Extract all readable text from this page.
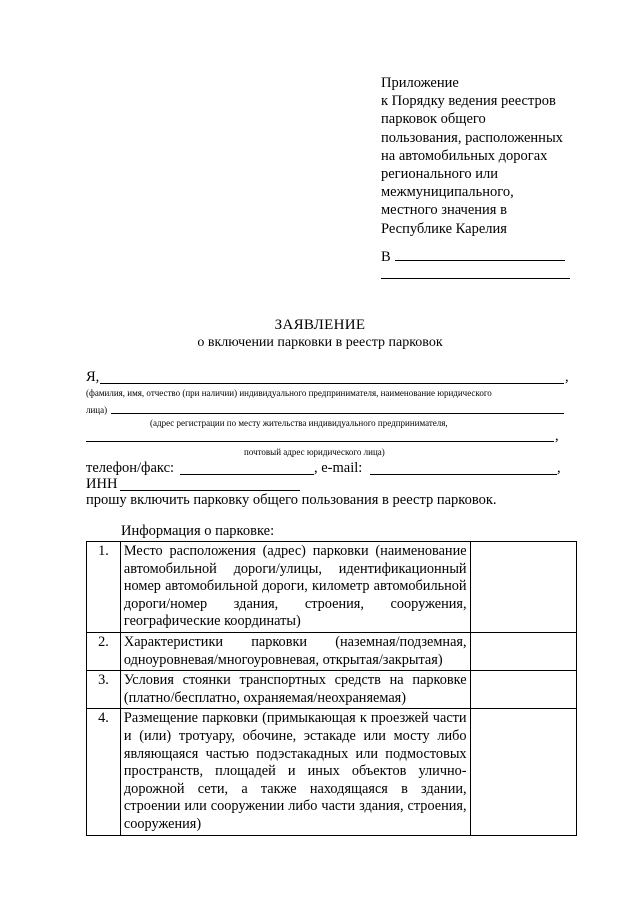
Приложение
к Порядку ведения реестров
парковок общего
пользования, расположенных
на автомобильных дорогах
регионального или
межмуниципального,
местного значения в
Республике Карелия
В
ЗАЯВЛЕНИЕ
о включении парковки в реестр парковок
Я,	,
(фамилия, имя, отчество (при наличии) индивидуального предпринимателя, наименование юридического
лица)
(адрес регистрации по месту жительства индивидуального предпринимателя,
,
почтовый адрес юридического лица)
телефон/факс:	, e-mail:	,
ИНН
прошу включить парковку общего пользования в реестр парковок.
Информация о парковке:
1.	Место расположения (адрес) парковки (наименование автомобильной дороги/улицы, идентификационный номер автомобильной дороги, километр автомобильной дороги/номер здания, строения, сооружения, географические координаты)	
2.	Характеристики парковки (наземная/подземная, одноуровневая/многоуровневая, открытая/закрытая)	
3.	Условия стоянки транспортных средств на парковке (платно/бесплатно, охраняемая/неохраняемая)	
4.	Размещение парковки (примыкающая к проезжей части и (или) тротуару, обочине, эстакаде или мосту либо являющаяся частью подэстакадных или подмостовых пространств, площадей и иных объектов улично-дорожной сети, а также находящаяся в здании, строении или сооружении либо части здания, строения, сооружения)	
